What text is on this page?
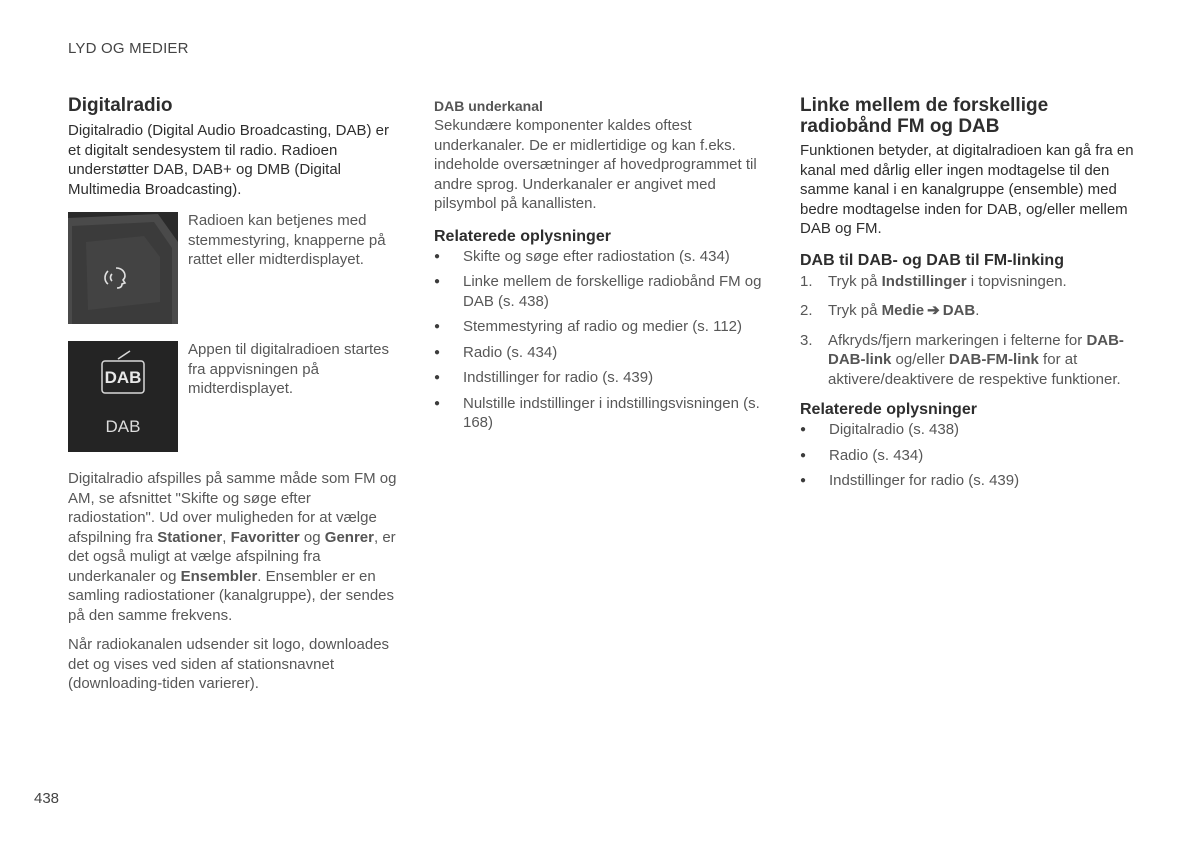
LYD OG MEDIER
Digitalradio

Digitalradio (Digital Audio Broadcasting, DAB) er et digitalt sendesystem til radio. Radioen understøtter DAB, DAB+ og DMB (Digital Multimedia Broadcasting).

Radioen kan betjenes med stemmestyring, knapperne på rattet eller midterdisplayet.

DAB
DAB

Appen til digitalradioen startes fra appvisningen på midterdisplayet.

Digitalradio afspilles på samme måde som FM og AM, se afsnittet "Skifte og søge efter radiostation". Ud over muligheden for at vælge afspilning fra Stationer, Favoritter og Genrer, er det også muligt at vælge afspilning fra underkanaler og Ensembler. Ensembler er en samling radiostationer (kanalgruppe), der sendes på den samme frekvens.

Når radiokanalen udsender sit logo, downloades det og vises ved siden af stationsnavnet (downloading-tiden varierer).

DAB underkanal

Sekundære komponenter kaldes oftest underkanaler. De er midlertidige og kan f.eks. indeholde oversætninger af hovedprogrammet til andre sprog. Underkanaler er angivet med pilsymbol på kanallisten.

Relaterede oplysninger
● Skifte og søge efter radiostation (s. 434)
● Linke mellem de forskellige radiobånd FM og DAB (s. 438)
● Stemmestyring af radio og medier (s. 112)
● Radio (s. 434)
● Indstillinger for radio (s. 439)
● Nulstille indstillinger i indstillingsvisningen (s. 168)
Linke mellem de forskellige radiobånd FM og DAB

Funktionen betyder, at digitalradioen kan gå fra en kanal med dårlig eller ingen modtagelse til den samme kanal i en kanalgruppe (ensemble) med bedre modtagelse inden for DAB, og/eller mellem DAB og FM.

DAB til DAB- og DAB til FM-linking
1. Tryk på Indstillinger i topvisningen.
2. Tryk på Medie ➔ DAB.
3. Afkryds/fjern markeringen i felterne for DAB-DAB-link og/eller DAB-FM-link for at aktivere/deaktivere de respektive funktioner.
Relaterede oplysninger
● Digitalradio (s. 438)
● Radio (s. 434)
● Indstillinger for radio (s. 439)
438
